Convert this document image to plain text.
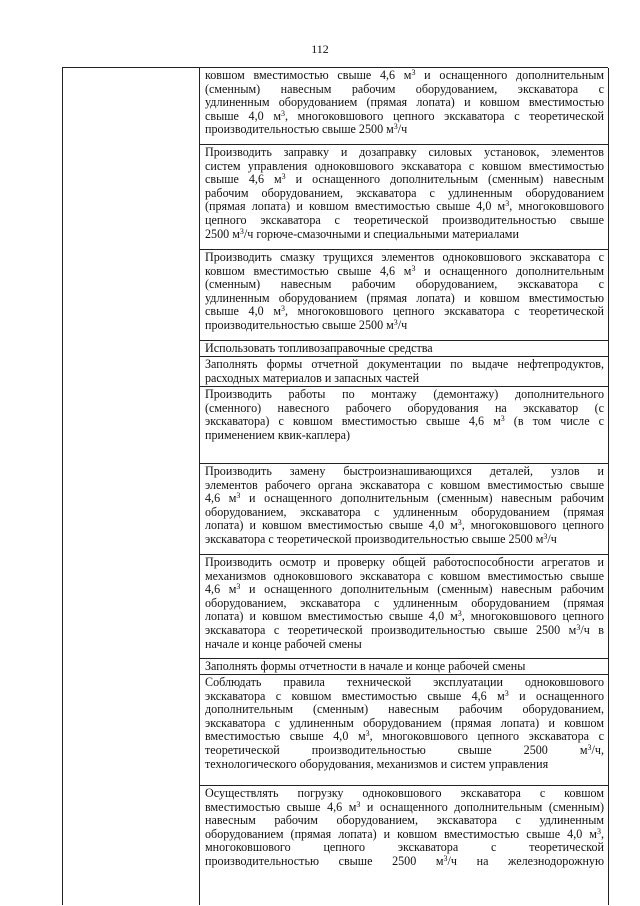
112
ковшом вместимостью свыше 4,6 $м^3$ и оснащенного дополнительным
(сменным) навесным рабочим оборудованием, экскаватора с
удлиненным оборудованием (прямая лопата) и ковшом вместимостью
свыше 4,0 $м^3$, многоковшового цепного экскаватора с теоретической
производительностью свыше 2500 $м^3/ч$
Производить заправку и дозаправку силовых установок, элементов
систем управления одноковшового экскаватора с ковшом вместимостью
свыше 4,6 $м^3$ и оснащенного дополнительным (сменным) навесным
рабочим оборудованием, экскаватора с удлиненным оборудованием
(прямая лопата) и ковшом вместимостью свыше 4,0 $м^3$, многоковшового
цепного экскаватора с теоретической производительностью свыше
2500 $м^3/ч$ горюче-смазочными и специальными материалами
Производить смазку трущихся элементов одноковшового экскаватора с
ковшом вместимостью свыше 4,6 $м^3$ и оснащенного дополнительным
(сменным) навесным рабочим оборудованием, экскаватора с
удлиненным оборудованием (прямая лопата) и ковшом вместимостью
свыше 4,0 $м^3$, многоковшового цепного экскаватора с теоретической
производительностью свыше 2500 $м^3/ч$
Использовать топливозаправочные средства
Заполнять формы отчетной документации по выдаче нефтепродуктов,
расходных материалов и запасных частей
Производить работы по монтажу (демонтажу) дополнительного
(сменного) навесного рабочего оборудования на экскаватор (с
экскаватора) с ковшом вместимостью свыше 4,6 $м^3$ (в том числе с
применением квик-каплера)
Производить замену быстроизнашивающихся деталей, узлов и
элементов рабочего органа экскаватора с ковшом вместимостью свыше
4,6 $м^3$ и оснащенного дополнительным (сменным) навесным рабочим
оборудованием, экскаватора с удлиненным оборудованием (прямая
лопата) и ковшом вместимостью свыше 4,0 $м^3$, многоковшового цепного
экскаватора с теоретической производительностью свыше 2500 $м^3/ч$
Производить осмотр и проверку общей работоспособности агрегатов и
механизмов одноковшового экскаватора с ковшом вместимостью свыше
4,6 $м^3$ и оснащенного дополнительным (сменным) навесным рабочим
оборудованием, экскаватора с удлиненным оборудованием (прямая
лопата) и ковшом вместимостью свыше 4,0 $м^3$, многоковшового цепного
экскаватора с теоретической производительностью свыше 2500 $м^3/ч$ в
начале и конце рабочей смены
Заполнять формы отчетности в начале и конце рабочей смены
Соблюдать правила технической эксплуатации одноковшового
экскаватора с ковшом вместимостью свыше 4,6 $м^3$ и оснащенного
дополнительным (сменным) навесным рабочим оборудованием,
экскаватора с удлиненным оборудованием (прямая лопата) и ковшом
вместимостью свыше 4,0 $м^3$, многоковшового цепного экскаватора с
теоретической производительностью свыше 2500 $м^3/ч$,
технологического оборудования, механизмов и систем управления
Осуществлять погрузку одноковшового экскаватора с ковшом
вместимостью свыше 4,6 $м^3$ и оснащенного дополнительным (сменным)
навесным рабочим оборудованием, экскаватора с удлиненным
оборудованием (прямая лопата) и ковшом вместимостью свыше 4,0 $м^3$,
многоковшового цепного экскаватора с теоретической
производительностью свыше 2500 $м^3/ч$ на железнодорожную
